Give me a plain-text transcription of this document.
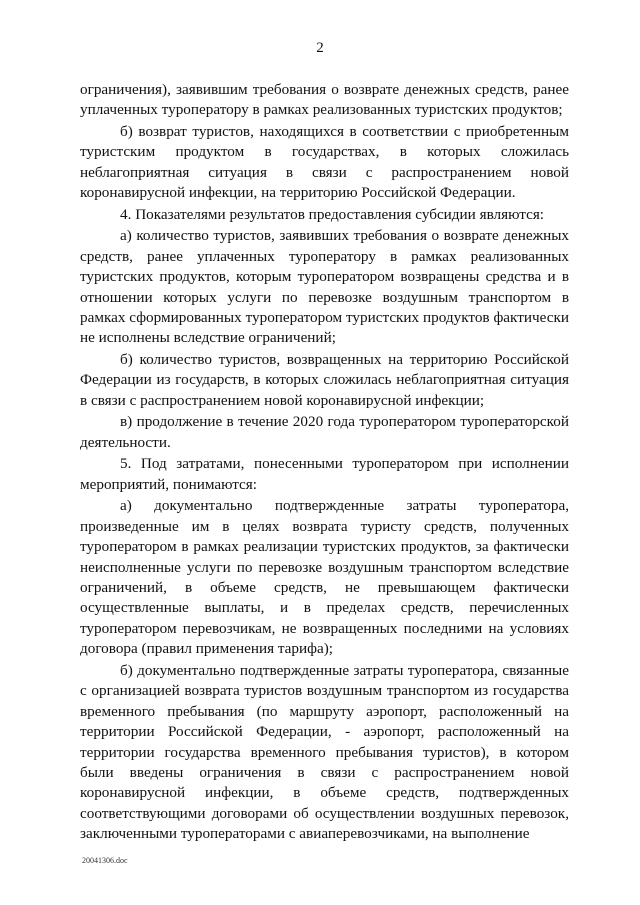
2

ограничения), заявившим требования о возврате денежных средств, ранее уплаченных туроператору в рамках реализованных туристских продуктов;

б) возврат туристов, находящихся в соответствии с приобретенным туристским продуктом в государствах, в которых сложилась неблагоприятная ситуация в связи с распространением новой коронавирусной инфекции, на территорию Российской Федерации.

4. Показателями результатов предоставления субсидии являются:

а) количество туристов, заявивших требования о возврате денежных средств, ранее уплаченных туроператору в рамках реализованных туристских продуктов, которым туроператором возвращены средства и в отношении которых услуги по перевозке воздушным транспортом в рамках сформированных туроператором туристских продуктов фактически не исполнены вследствие ограничений;

б) количество туристов, возвращенных на территорию Российской Федерации из государств, в которых сложилась неблагоприятная ситуация в связи с распространением новой коронавирусной инфекции;

в) продолжение в течение 2020 года туроператором туроператорской деятельности.

5. Под затратами, понесенными туроператором при исполнении мероприятий, понимаются:

а) документально подтвержденные затраты туроператора, произведенные им в целях возврата туристу средств, полученных туроператором в рамках реализации туристских продуктов, за фактически неисполненные услуги по перевозке воздушным транспортом вследствие ограничений, в объеме средств, не превышающем фактически осуществленные выплаты, и в пределах средств, перечисленных туроператором перевозчикам, не возвращенных последними на условиях договора (правил применения тарифа);

б) документально подтвержденные затраты туроператора, связанные с организацией возврата туристов воздушным транспортом из государства временного пребывания (по маршруту аэропорт, расположенный на территории Российской Федерации, - аэропорт, расположенный на территории государства временного пребывания туристов), в котором были введены ограничения в связи с распространением новой коронавирусной инфекции, в объеме средств, подтвержденных соответствующими договорами об осуществлении воздушных перевозок, заключенными туроператорами с авиаперевозчиками, на выполнение

20041306.doc
